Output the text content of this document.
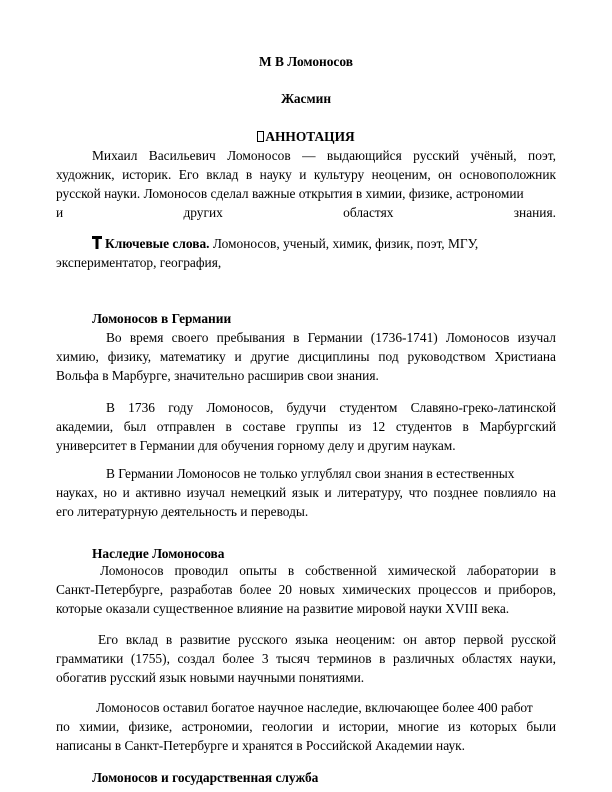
М В Ломоносов
Жасмин
АННОТАЦИЯ
Михаил Васильевич Ломоносов — выдающийся русский учёный, поэт,
художник, историк. Его вклад в науку и культуру неоценим, он основоположник
русской науки. Ломоносов сделал важные открытия в химии, физике, астрономии
и	других	областях	знания.
Ключевые слова. Ломоносов, ученый, химик, физик, поэт, МГУ,
экспериментатор, география,
Ломоносов в Германии
Во время своего пребывания в Германии (1736-1741) Ломоносов изучал
химию, физику, математику и другие дисциплины под руководством Христиана
Вольфа в Марбурге, значительно расширив свои знания.
В 1736 году Ломоносов, будучи студентом Славяно-греко-латинской
академии, был отправлен в составе группы из 12 студентов в Марбургский
университет в Германии для обучения горному делу и другим наукам.
В Германии Ломоносов не только углублял свои знания в естественных
науках, но и активно изучал немецкий язык и литературу, что позднее повлияло на
его литературную деятельность и переводы.
Наследие Ломоносова
Ломоносов проводил опыты в собственной химической лаборатории в
Санкт-Петербурге, разработав более 20 новых химических процессов и приборов,
которые оказали существенное влияние на развитие мировой науки XVIII века.
Его вклад в развитие русского языка неоценим: он автор первой русской
грамматики (1755), создал более 3 тысяч терминов в различных областях науки,
обогатив русский язык новыми научными понятиями.
Ломоносов оставил богатое научное наследие, включающее более 400 работ
по химии, физике, астрономии, геологии и истории, многие из которых были
написаны в Санкт-Петербурге и хранятся в Российской Академии наук.
Ломоносов и государственная служба
